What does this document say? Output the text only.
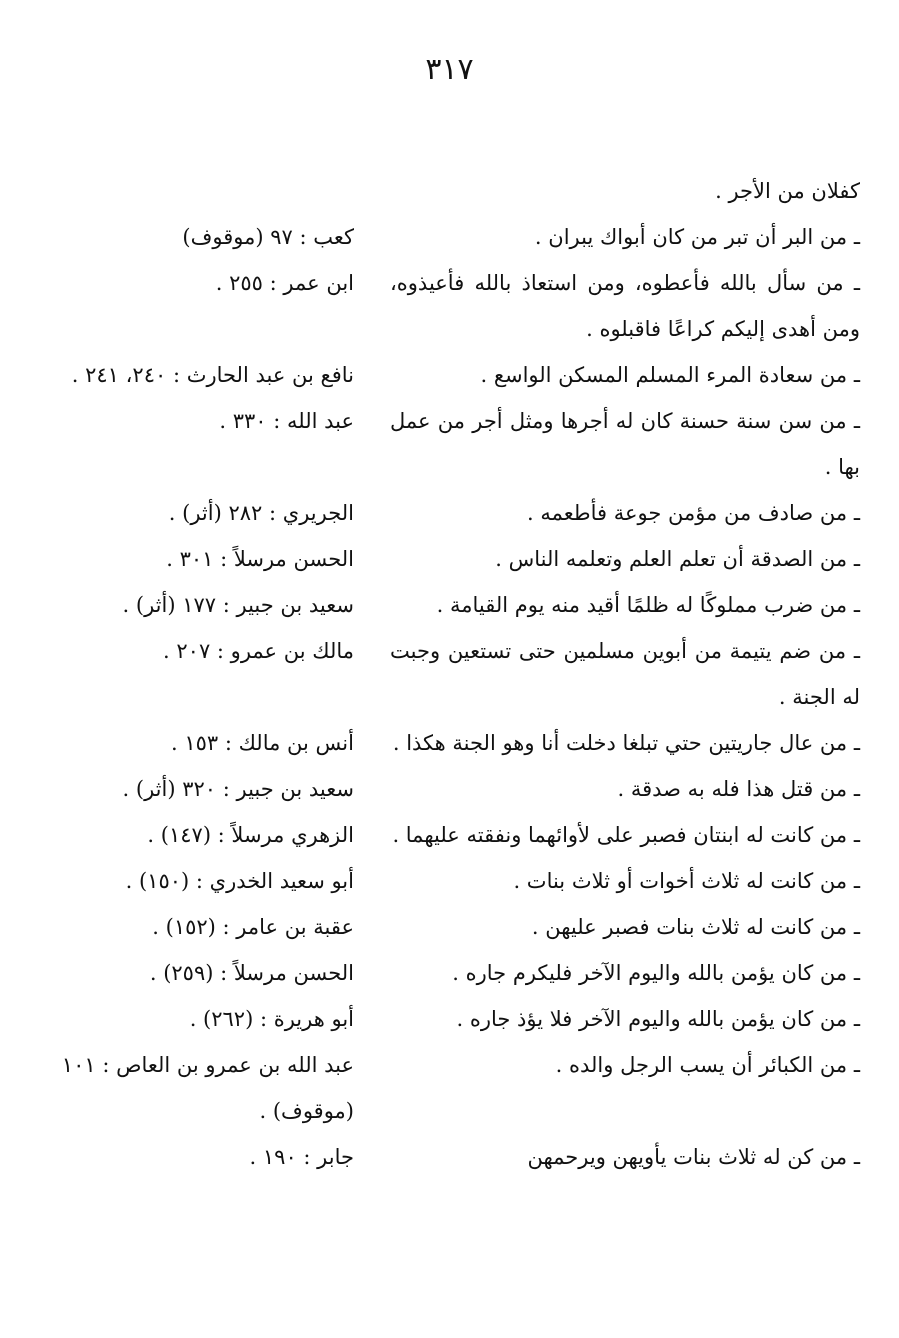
٣١٧
كفلان من الأجر .
ـ من البر أن تبر من كان أبواك يبران .
كعب : ٩٧ (موقوف)
ـ من سأل بالله فأعطوه، ومن استعاذ بالله فأعيذوه، ومن أهدى إليكم كراعًا فاقبلوه .
ابن عمر : ٢٥٥ .
ـ من سعادة المرء المسلم المسكن الواسع .
نافع بن عبد الحارث : ٢٤٠، ٢٤١ .
ـ من سن سنة حسنة كان له أجرها ومثل أجر من عمل بها .
عبد الله : ٣٣٠ .
ـ من صادف من مؤمن جوعة فأطعمه .
الجريري : ٢٨٢ (أثر) .
ـ من الصدقة أن تعلم العلم وتعلمه الناس .
الحسن مرسلاً : ٣٠١ .
ـ من ضرب مملوكًا له ظلمًا أقيد منه يوم القيامة .
سعيد بن جبير : ١٧٧ (أثر) .
ـ من ضم يتيمة من أبوين مسلمين حتى تستعين وجبت له الجنة .
مالك بن عمرو : ٢٠٧ .
ـ من عال جاريتين حتي تبلغا دخلت أنا وهو الجنة هكذا .
أنس بن مالك : ١٥٣ .
ـ من قتل هذا فله به صدقة .
سعيد بن جبير : ٣٢٠ (أثر) .
ـ من كانت له ابنتان فصبر على لأوائهما ونفقته عليهما .
الزهري مرسلاً : (١٤٧) .
ـ من كانت له ثلاث أخوات أو ثلاث بنات .
أبو سعيد الخدري : (١٥٠) .
ـ من كانت له ثلاث بنات فصبر عليهن .
عقبة بن عامر : (١٥٢) .
ـ من كان يؤمن بالله واليوم الآخر فليكرم جاره .
الحسن مرسلاً : (٢٥٩) .
ـ من كان يؤمن بالله واليوم الآخر فلا يؤذ جاره .
أبو هريرة : (٢٦٢) .
ـ من الكبائر أن يسب الرجل والده .
عبد الله بن عمرو بن العاص : ١٠١ (موقوف) .
ـ من كن له ثلاث بنات يأويهن ويرحمهن
جابر : ١٩٠ .
